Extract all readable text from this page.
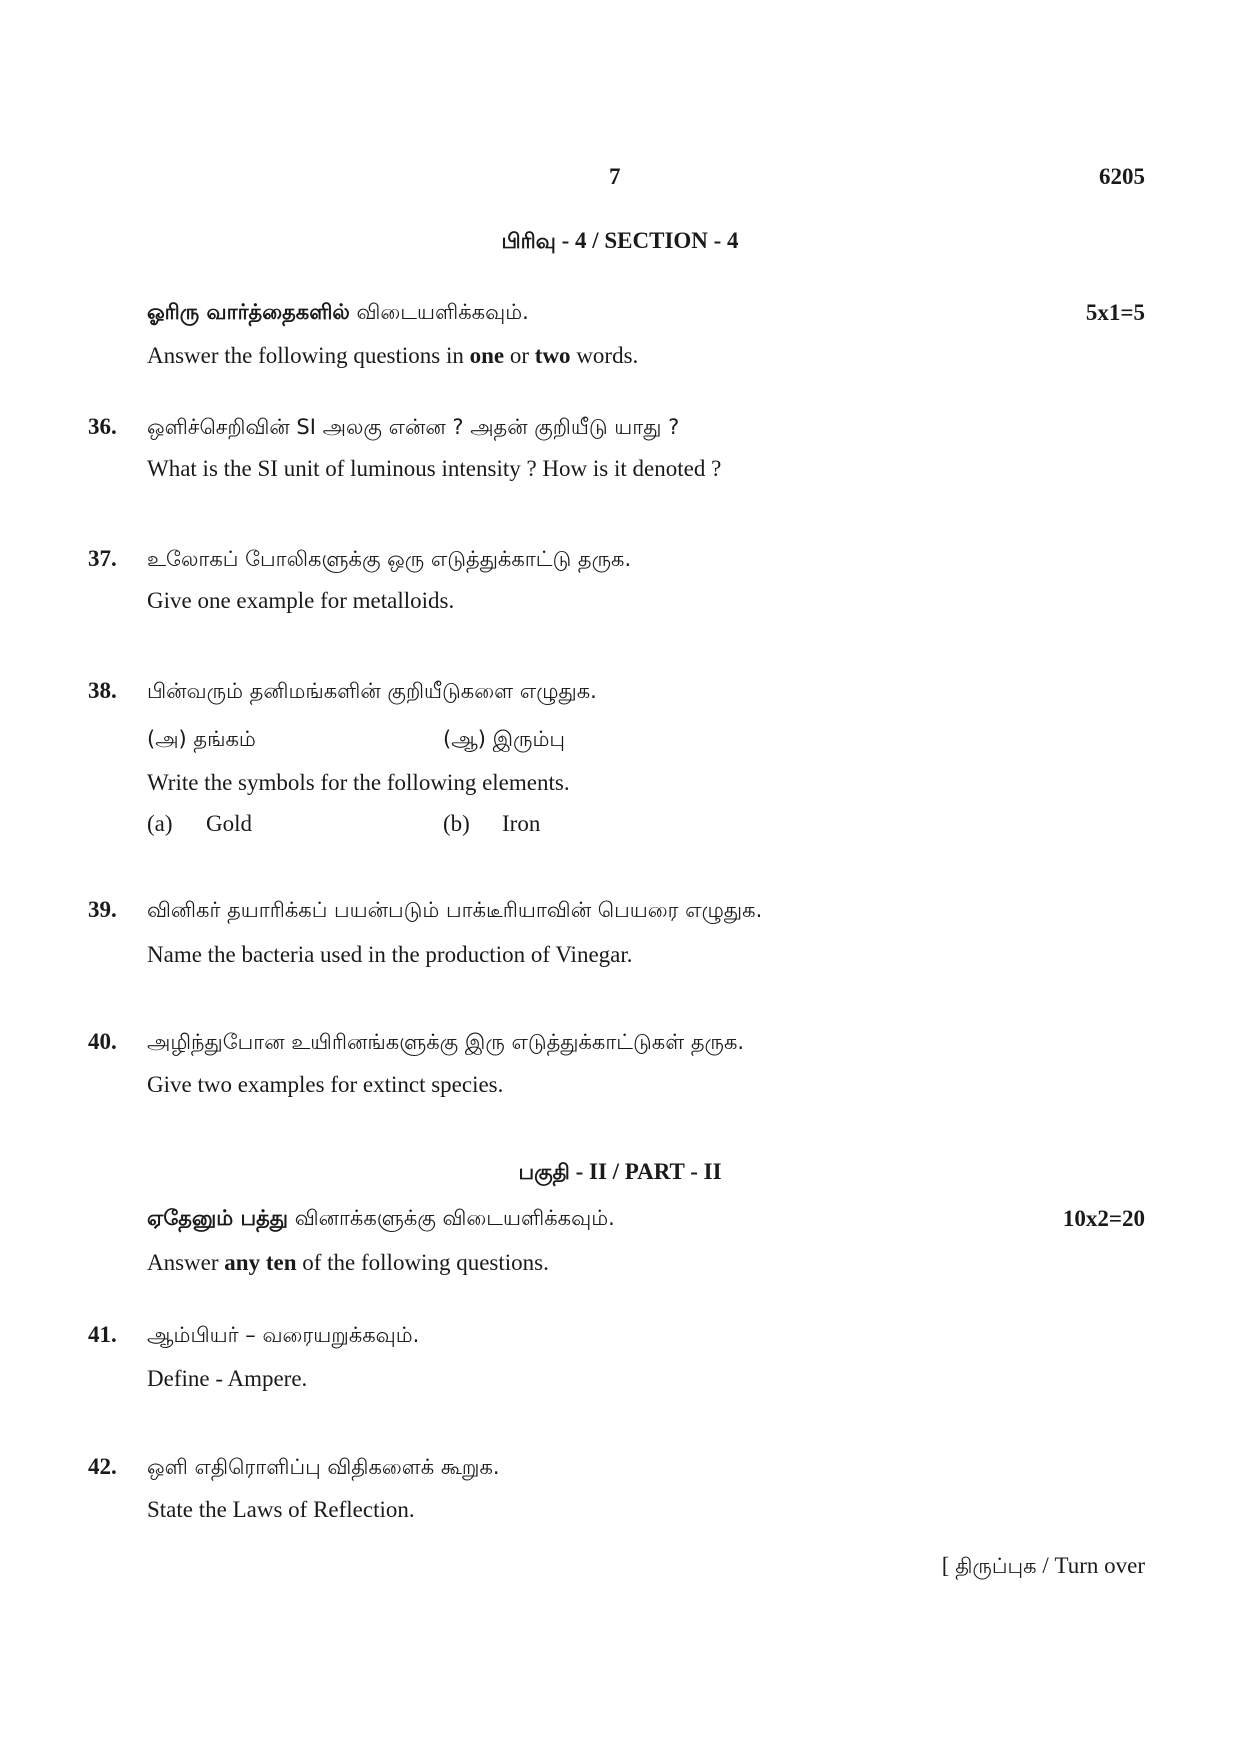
7	6205
பிரிவு - 4 / SECTION - 4
ஓரிரு வார்த்தைகளில் விடையளிக்கவும்.	5x1=5
Answer the following questions in one or two words.
36. ஒளிச்செறிவின் SI அலகு என்ன ? அதன் குறியீடு யாது ?
What is the SI unit of luminous intensity ? How is it denoted ?
37. உலோகப் போலிகளுக்கு ஒரு எடுத்துக்காட்டு தருக.
Give one example for metalloids.
38. பின்வரும் தனிமங்களின் குறியீடுகளை எழுதுக.
(அ) தங்கம்	(ஆ) இரும்பு
Write the symbols for the following elements.
(a) Gold	(b) Iron
39. வினிகர் தயாரிக்கப் பயன்படும் பாக்டீரியாவின் பெயரை எழுதுக.
Name the bacteria used in the production of Vinegar.
40. அழிந்துபோன உயிரினங்களுக்கு இரு எடுத்துக்காட்டுகள் தருக.
Give two examples for extinct species.
பகுதி - II / PART - II
ஏதேனும் பத்து வினாக்களுக்கு விடையளிக்கவும்.	10x2=20
Answer any ten of the following questions.
41. ஆம்பியர் – வரையறுக்கவும்.
Define - Ampere.
42. ஒளி எதிரொளிப்பு விதிகளைக் கூறுக.
State the Laws of Reflection.
[ திருப்புக / Turn over
